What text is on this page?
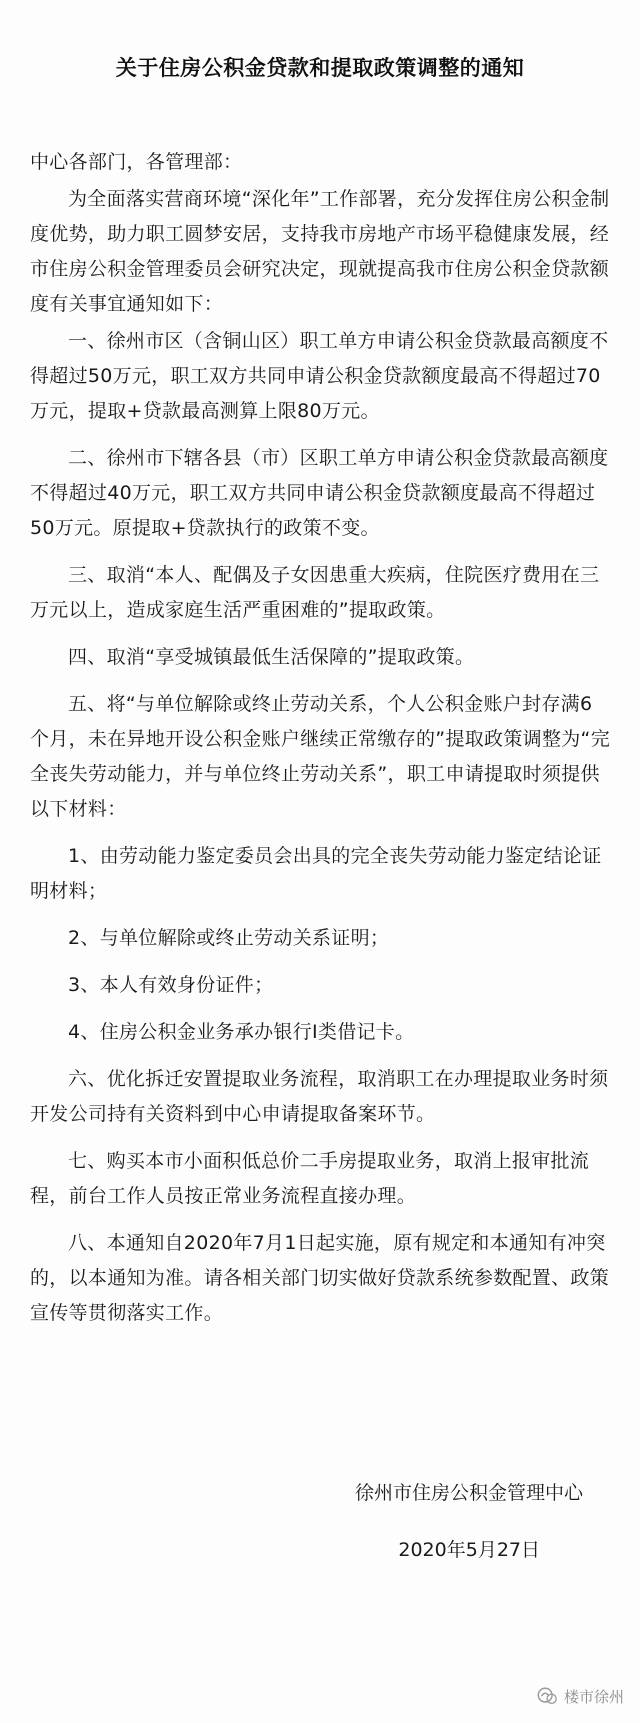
关于住房公积金贷款和提取政策调整的通知

中心各部门，各管理部：

为全面落实营商环境“深化年”工作部署，充分发挥住房公积金制度优势，助力职工圆梦安居，支持我市房地产市场平稳健康发展，经市住房公积金管理委员会研究决定，现就提高我市住房公积金贷款额度有关事宜通知如下：

一、徐州市区（含铜山区）职工单方申请公积金贷款最高额度不得超过50万元，职工双方共同申请公积金贷款额度最高不得超过70万元，提取+贷款最高测算上限80万元。

二、徐州市下辖各县（市）区职工单方申请公积金贷款最高额度不得超过40万元，职工双方共同申请公积金贷款额度最高不得超过50万元。原提取+贷款执行的政策不变。

三、取消“本人、配偶及子女因患重大疾病，住院医疗费用在三万元以上，造成家庭生活严重困难的”提取政策。

四、取消“享受城镇最低生活保障的”提取政策。

五、将“与单位解除或终止劳动关系，个人公积金账户封存满6个月，未在异地开设公积金账户继续正常缴存的”提取政策调整为“完全丧失劳动能力，并与单位终止劳动关系”，职工申请提取时须提供以下材料：

1、由劳动能力鉴定委员会出具的完全丧失劳动能力鉴定结论证明材料；

2、与单位解除或终止劳动关系证明；

3、本人有效身份证件；

4、住房公积金业务承办银行I类借记卡。

六、优化拆迁安置提取业务流程，取消职工在办理提取业务时须开发公司持有关资料到中心申请提取备案环节。

七、购买本市小面积低总价二手房提取业务，取消上报审批流程，前台工作人员按正常业务流程直接办理。

八、本通知自2020年7月1日起实施，原有规定和本通知有冲突的，以本通知为准。请各相关部门切实做好贷款系统参数配置、政策宣传等贯彻落实工作。

徐州市住房公积金管理中心
2020年5月27日
楼市徐州
